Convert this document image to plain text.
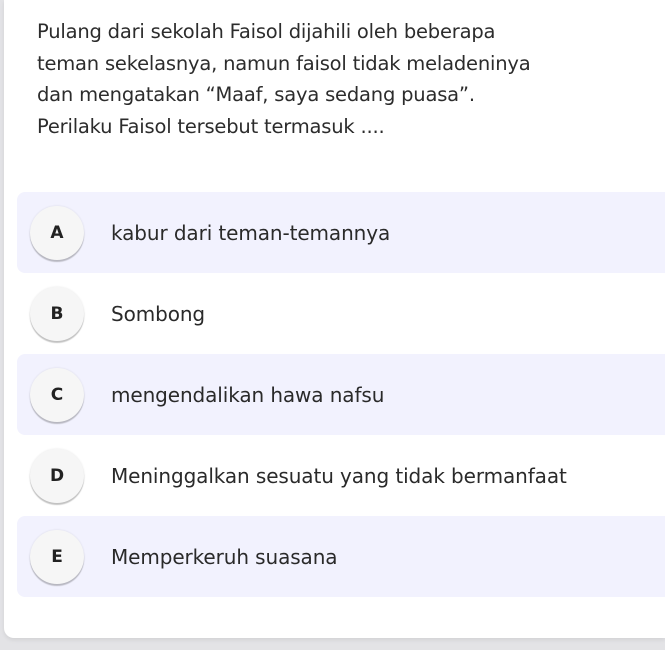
Pulang dari sekolah Faisol dijahili oleh beberapa
teman sekelasnya, namun faisol tidak meladeninya
dan mengatakan “Maaf, saya sedang puasa”.
Perilaku Faisol tersebut termasuk ....

A	kabur dari teman-temannya
B	Sombong
C	mengendalikan hawa nafsu
D	Meninggalkan sesuatu yang tidak bermanfaat
E	Memperkeruh suasana
